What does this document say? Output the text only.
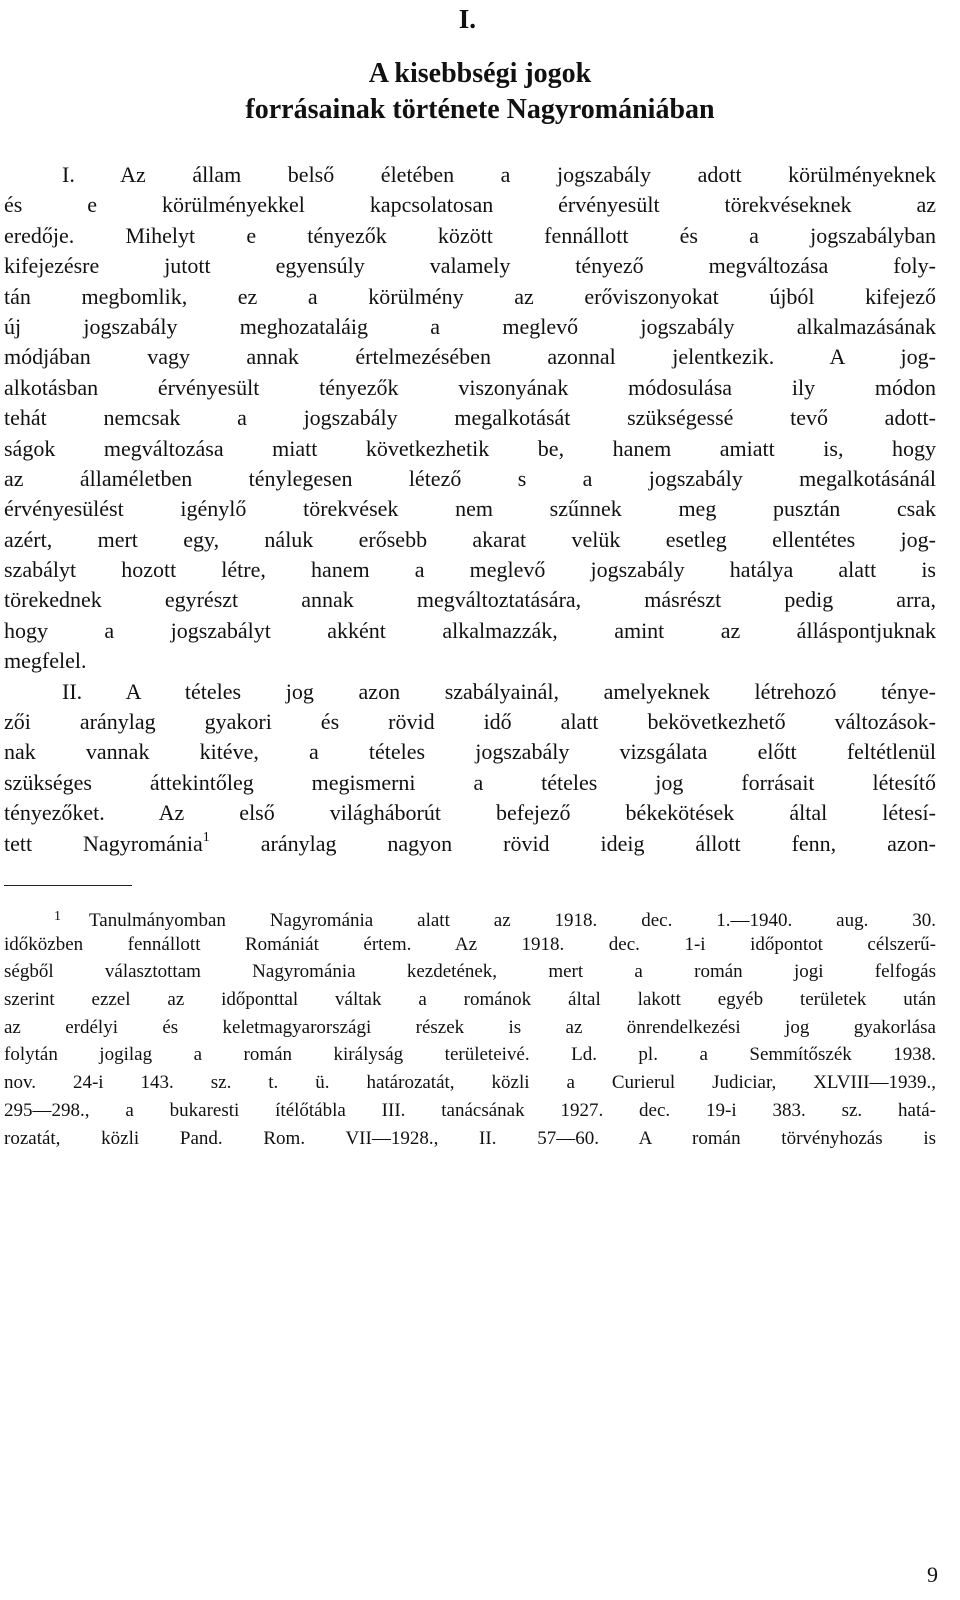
I.
A kisebbségi jogok
forrásainak története Nagyromániában
I. Az állam belső életében a jogszabály adott körülményeknek
és e körülményekkel kapcsolatosan érvényesült törekvéseknek az
eredője. Mihelyt e tényezők között fennállott és a jogszabályban
kifejezésre jutott egyensúly valamely tényező megváltozása foly-
tán megbomlik, ez a körülmény az erőviszonyokat újból kifejező
új jogszabály meghozataláig a meglevő jogszabály alkalmazásának
módjában vagy annak értelmezésében azonnal jelentkezik. A jog-
alkotásban érvényesült tényezők viszonyának módosulása ily módon
tehát nemcsak a jogszabály megalkotását szükségessé tevő adott-
ságok megváltozása miatt következhetik be, hanem amiatt is, hogy
az államéletben ténylegesen létező s a jogszabály megalkotásánál
érvényesülést igénylő törekvések nem szűnnek meg pusztán csak
azért, mert egy, náluk erősebb akarat velük esetleg ellentétes jog-
szabályt hozott létre, hanem a meglevő jogszabály hatálya alatt is
törekednek egyrészt annak megváltoztatására, másrészt pedig arra,
hogy a jogszabályt akként alkalmazzák, amint az álláspontjuknak
megfelel.
II. A tételes jog azon szabályainál, amelyeknek létrehozó ténye-
zői aránylag gyakori és rövid idő alatt bekövetkezhető változások-
nak vannak kitéve, a tételes jogszabály vizsgálata előtt feltétlenül
szükséges áttekintőleg megismerni a tételes jog forrásait létesítő
tényezőket. Az első világháborút befejező békekötések által létesí-
tett Nagyrománia$^1$ aránylag nagyon rövid ideig állott fenn, azon-
$^1$ Tanulmányomban Nagyrománia alatt az 1918. dec. 1.—1940. aug. 30.
időközben fennállott Romániát értem. Az 1918. dec. 1-i időpontot célszerű-
ségből választottam Nagyrománia kezdetének, mert a román jogi felfogás
szerint ezzel az időponttal váltak a románok által lakott egyéb területek után
az erdélyi és keletmagyarországi részek is az önrendelkezési jog gyakorlása
folytán jogilag a román királyság területeivé. Ld. pl. a Semmítőszék 1938.
nov. 24-i 143. sz. t. ü. határozatát, közli a Curierul Judiciar, XLVIII—1939.,
295—298., a bukaresti ítélőtábla III. tanácsának 1927. dec. 19-i 383. sz. hatá-
rozatát, közli Pand. Rom. VII—1928., II. 57—60. A román törvényhozás is
9
